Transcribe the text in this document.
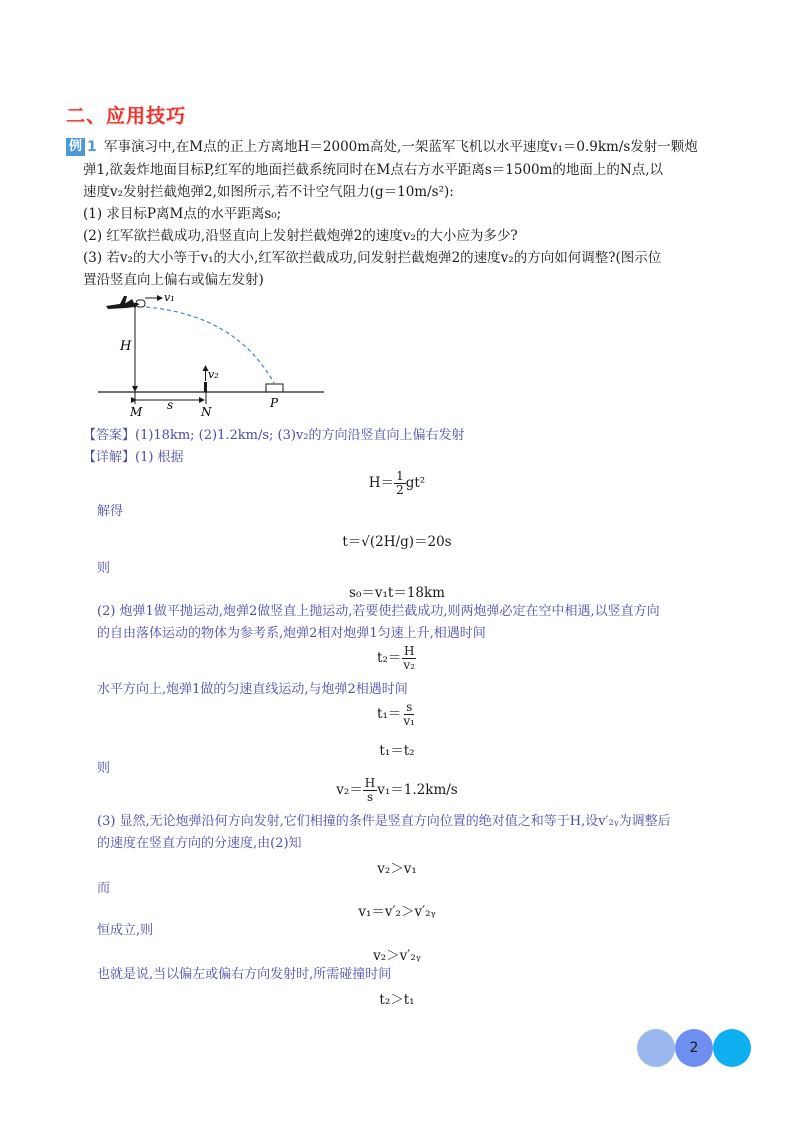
二、应用技巧
例 1 军事演习中,在M点的正上方离地H＝2000m高处,一架蓝军飞机以水平速度v₁＝0.9km/s发射一颗炮
弹1,欲轰炸地面目标P,红军的地面拦截系统同时在M点右方水平距离s＝1500m的地面上的N点,以
速度v₂发射拦截炮弹2,如图所示,若不计空气阻力(g＝10m/s²):
(1) 求目标P离M点的水平距离s₀;
(2) 红军欲拦截成功,沿竖直向上发射拦截炮弹2的速度v₂的大小应为多少?
(3) 若v₂的大小等于v₁的大小,红军欲拦截成功,问发射拦截炮弹2的速度v₂的方向如何调整?(图示位
置沿竖直向上偏右或偏左发射)
v₁
H
v₂
M s N
P
【答案】(1)18km; (2)1.2km/s; (3)v₂的方向沿竖直向上偏右发射
【详解】(1) 根据
$H= \frac{1}{2} gt^2$
解得
t＝√(2H/g)＝20s
则
s₀＝v₁t＝18km
(2) 炮弹1做平抛运动,炮弹2做竖直上抛运动,若要使拦截成功,则两炮弹必定在空中相遇,以竖直方向
的自由落体运动的物体为参考系,炮弹2相对炮弹1匀速上升,相遇时间
$t_2= \frac{H}{\text{v₂}}$
水平方向上,炮弹1做的匀速直线运动,与炮弹2相遇时间
$t_1= \frac{s}{\text{v₁}}$
t₁＝t₂
则
$v_2= \frac{H}{s} v_1=1.2km/s$
(3) 显然,无论炮弹沿何方向发射,它们相撞的条件是竖直方向位置的绝对值之和等于H,设v′₂ᵧ为调整后
的速度在竖直方向的分速度,由(2)知
v₂＞v₁
而
v₁＝v′₂＞v′₂ᵧ
恒成立,则
v₂＞v′₂ᵧ
也就是说,当以偏左或偏右方向发射时,所需碰撞时间
t₂＞t₁
2
